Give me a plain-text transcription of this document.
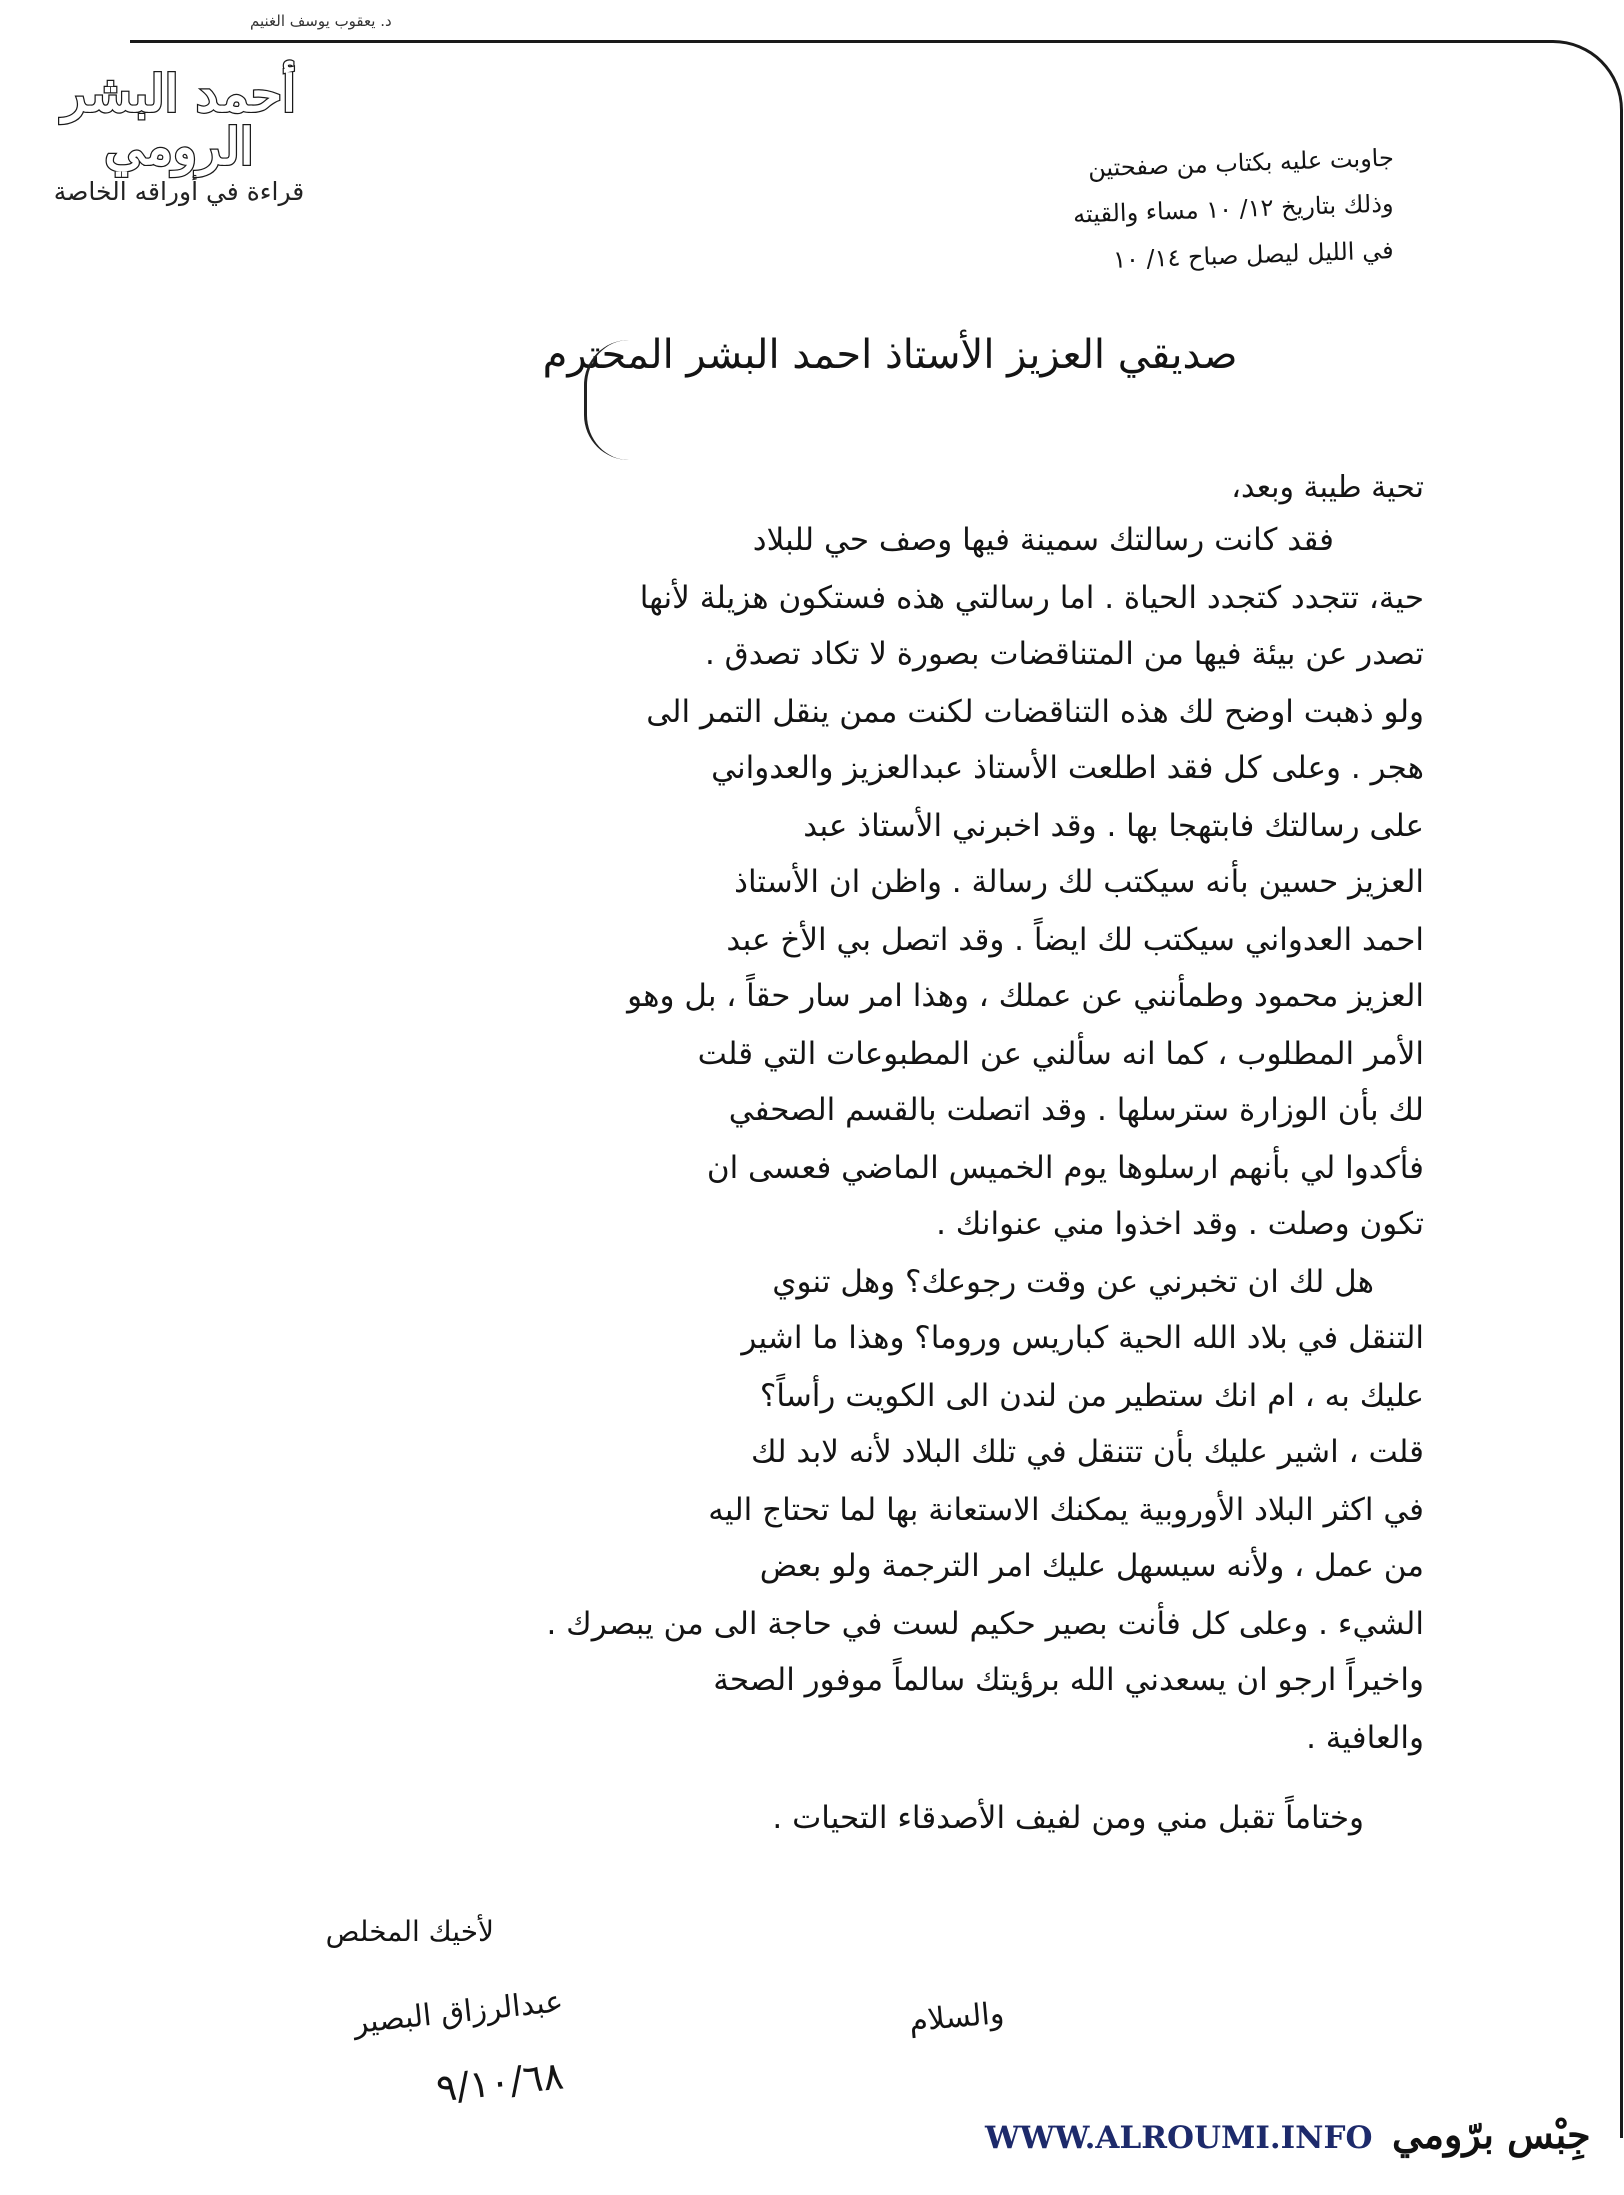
د. يعقوب يوسف الغنيم
أحمد البشر الرومي
قراءة في أوراقه الخاصة
جاوبت عليه بكتاب من صفحتين
وذلك بتاريخ ١٢/ ١٠ مساء والقيته
في الليل ليصل صباح ١٤/ ١٠
صديقي العزيز الأستاذ احمد البشر المحترم
تحية طيبة وبعد،
فقد كانت رسالتك سمينة فيها وصف حي للبلاد
حية، تتجدد كتجدد الحياة . اما رسالتي هذه فستكون هزيلة لأنها
تصدر عن بيئة فيها من المتناقضات بصورة لا تكاد تصدق .
ولو ذهبت اوضح لك هذه التناقضات لكنت ممن ينقل التمر الى
هجر . وعلى كل فقد اطلعت الأستاذ عبدالعزيز والعدواني
على رسالتك فابتهجا بها . وقد اخبرني الأستاذ عبد
العزيز حسين بأنه سيكتب لك رسالة . واظن ان الأستاذ
احمد العدواني سيكتب لك ايضاً . وقد اتصل بي الأخ عبد
العزيز محمود وطمأنني عن عملك ، وهذا امر سار حقاً ، بل وهو
الأمر المطلوب ، كما انه سألني عن المطبوعات التي قلت
لك بأن الوزارة سترسلها . وقد اتصلت بالقسم الصحفي
فأكدوا لي بأنهم ارسلوها يوم الخميس الماضي فعسى ان
تكون وصلت . وقد اخذوا مني عنوانك .
هل لك ان تخبرني عن وقت رجوعك؟ وهل تنوي
التنقل في بلاد الله الحية كباريس وروما؟ وهذا ما اشير
عليك به ، ام انك ستطير من لندن الى الكويت رأساً؟
قلت ، اشير عليك بأن تتنقل في تلك البلاد لأنه لابد لك
في اكثر البلاد الأوروبية يمكنك الاستعانة بها لما تحتاج اليه
من عمل ، ولأنه سيسهل عليك امر الترجمة ولو بعض
الشيء . وعلى كل فأنت بصير حكيم لست في حاجة الى من يبصرك .
واخيراً ارجو ان يسعدني الله برؤيتك سالماً موفور الصحة
والعافية .
وختاماً تقبل مني ومن لفيف الأصدقاء التحيات .
والسلام
لأخيك المخلص
عبدالرزاق البصير
٩/١٠/٦٨
WWW.ALROUMI.INFO جِبْس برّومي
